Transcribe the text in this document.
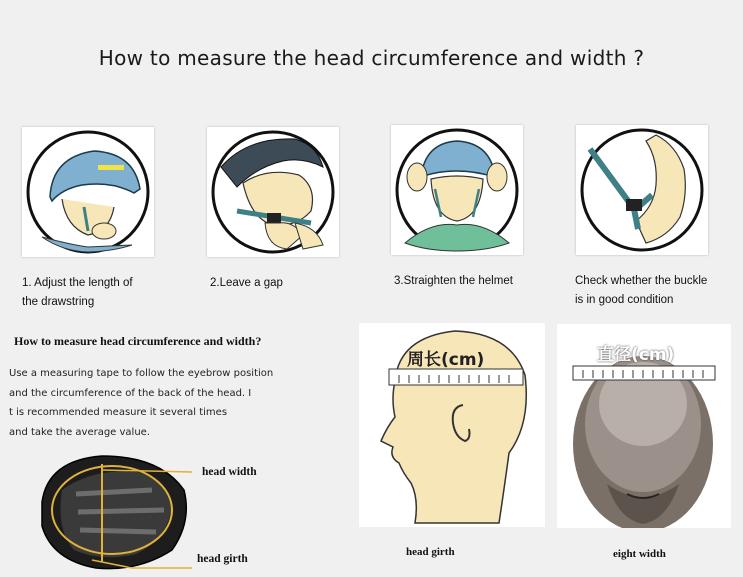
How to measure the head circumference and width ?
1. Adjust the length of
the drawstring
2.Leave a gap	3.Straighten the helmet	Check whether the buckle
is in good condition
How to measure head circumference and width?
Use a measuring tape to follow the eyebrow position
and the circumference of the back of the head. I
t is recommended measure it several times
and take the average value.
head width
head girth
周长(cm)
head girth
直径(cm)
eight width
